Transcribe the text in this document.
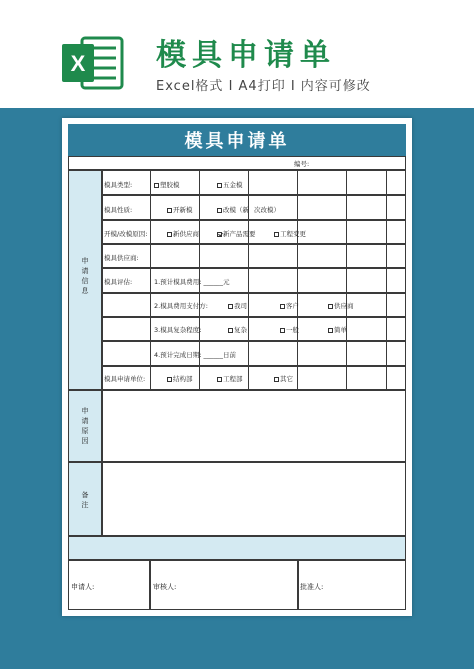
X 模具申请单
Excel格式 Ⅰ A4打印 Ⅰ 内容可修改
模具申请单
编号:
申
请
信
息
模具类型:	塑胶模	五金模
模具性质:	开新模	改模（新 次改模）
开模/改模原因:	新供应商	新产品需要	工程变更
模具供应商:
模具评估:	1.预计模具费用: ______元
2.模具费用支付方:	我司	客户	供应商
3.模具复杂程度:	复杂	一般	简单
4.预计完成日期: ______日前
模具申请单位:	结构部	工程部	其它
申
请
原
因
备
注
申请人:	审核人:	批准人:
